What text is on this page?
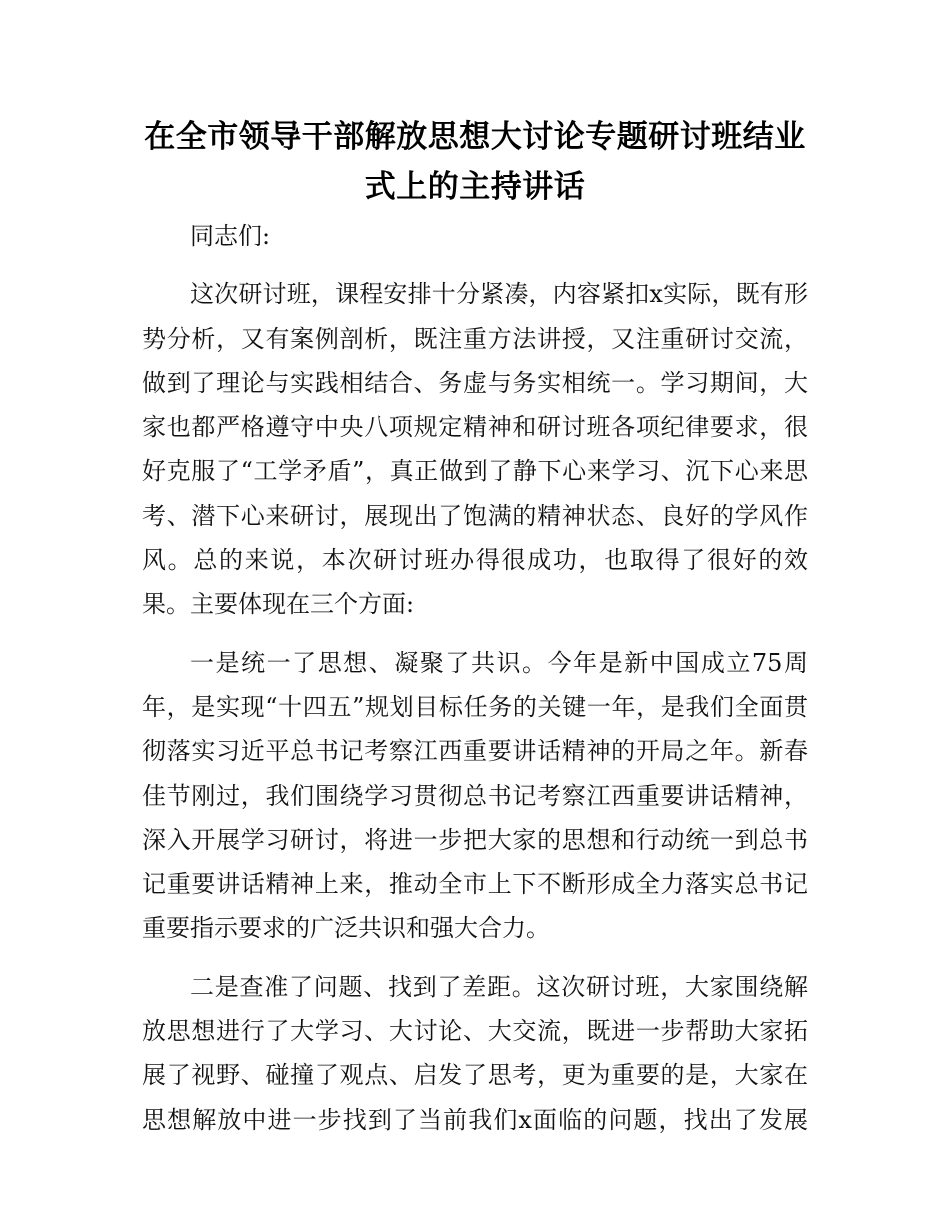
在全市领导干部解放思想大讨论专题研讨班结业式上的主持讲话

同志们:

这次研讨班，课程安排十分紧凑，内容紧扣x实际，既有形势分析，又有案例剖析，既注重方法讲授，又注重研讨交流，做到了理论与实践相结合、务虚与务实相统一。学习期间，大家也都严格遵守中央八项规定精神和研讨班各项纪律要求，很好克服了“工学矛盾”，真正做到了静下心来学习、沉下心来思考、潜下心来研讨，展现出了饱满的精神状态、良好的学风作风。总的来说，本次研讨班办得很成功，也取得了很好的效果。主要体现在三个方面:

一是统一了思想、凝聚了共识。今年是新中国成立75周年，是实现“十四五”规划目标任务的关键一年，是我们全面贯彻落实习近平总书记考察江西重要讲话精神的开局之年。新春佳节刚过，我们围绕学习贯彻总书记考察江西重要讲话精神，深入开展学习研讨，将进一步把大家的思想和行动统一到总书记重要讲话精神上来，推动全市上下不断形成全力落实总书记重要指示要求的广泛共识和强大合力。

二是查准了问题、找到了差距。这次研讨班，大家围绕解放思想进行了大学习、大讨论、大交流，既进一步帮助大家拓展了视野、碰撞了观点、启发了思考，更为重要的是，大家在思想解放中进一步找到了当前我们x面临的问题，找出了发展
